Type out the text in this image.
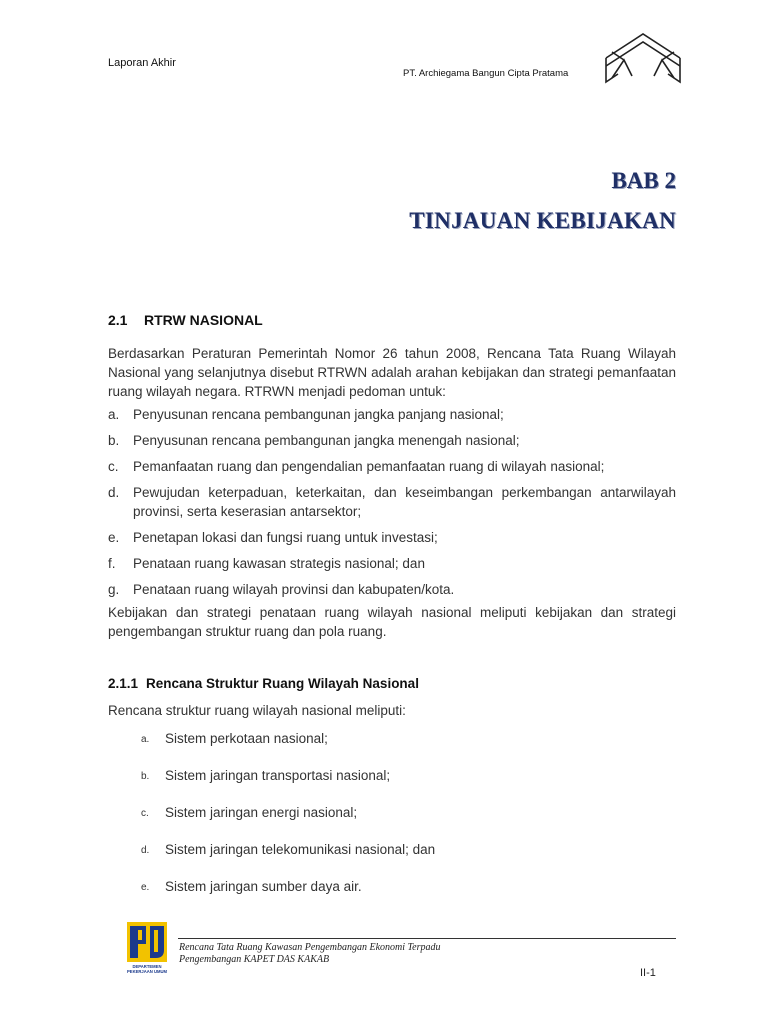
Laporan Akhir
PT. Archiegama Bangun Cipta Pratama
BAB 2
TINJAUAN KEBIJAKAN
2.1 RTRW NASIONAL
Berdasarkan Peraturan Pemerintah Nomor 26 tahun 2008, Rencana Tata Ruang Wilayah Nasional yang selanjutnya disebut RTRWN adalah arahan kebijakan dan strategi pemanfaatan ruang wilayah negara. RTRWN menjadi pedoman untuk:
a.	Penyusunan rencana pembangunan jangka panjang nasional;
b.	Penyusunan rencana pembangunan jangka menengah nasional;
c.	Pemanfaatan ruang dan pengendalian pemanfaatan ruang di wilayah nasional;
d.	Pewujudan keterpaduan, keterkaitan, dan keseimbangan perkembangan antarwilayah provinsi, serta keserasian antarsektor;
e.	Penetapan lokasi dan fungsi ruang untuk investasi;
f.	Penataan ruang kawasan strategis nasional; dan
g.	Penataan ruang wilayah provinsi dan kabupaten/kota.
Kebijakan dan strategi penataan ruang wilayah nasional meliputi kebijakan dan strategi pengembangan struktur ruang dan pola ruang.
2.1.1 Rencana Struktur Ruang Wilayah Nasional
Rencana struktur ruang wilayah nasional meliputi:
a.	Sistem perkotaan nasional;
b.	Sistem jaringan transportasi nasional;
c.	Sistem jaringan energi nasional;
d.	Sistem jaringan telekomunikasi nasional; dan
e.	Sistem jaringan sumber daya air.
DEPARTEMEN
PEKERJAAN UMUM
Rencana Tata Ruang Kawasan Pengembangan Ekonomi Terpadu
Pengembangan KAPET DAS KAKAB
II-1
